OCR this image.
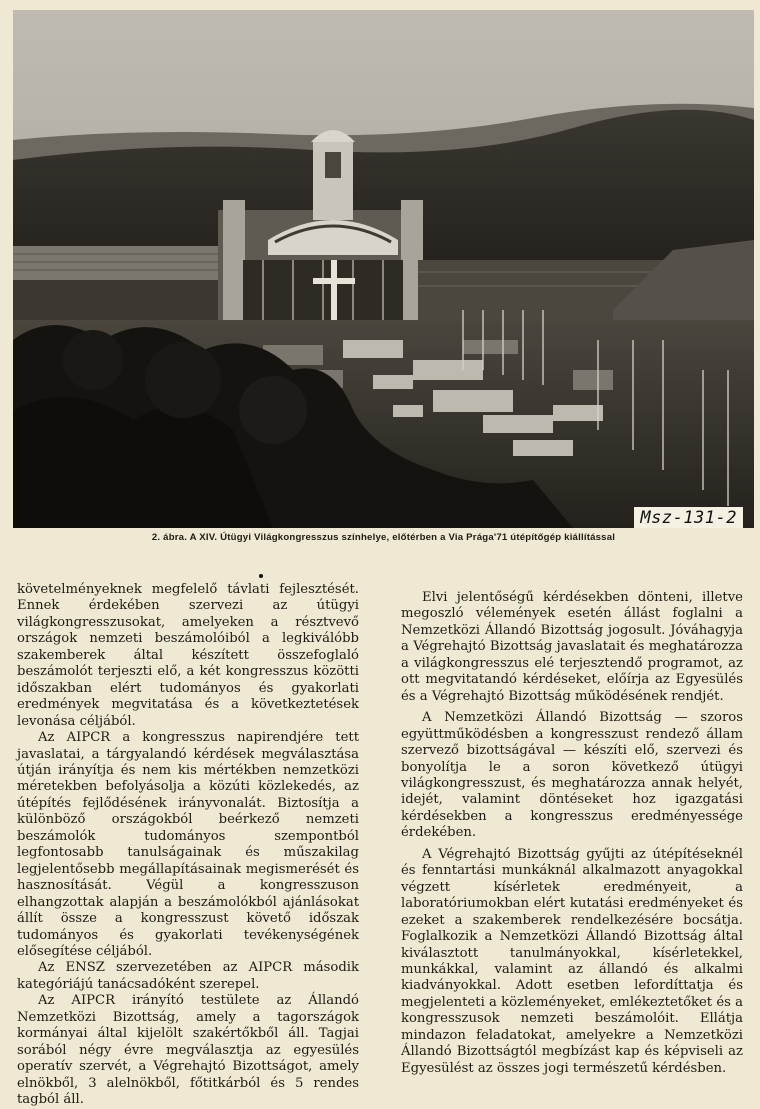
Msz-131-2
2. ábra. A XIV. Útügyi Világkongresszus színhelye, előtérben a Via Prága'71 útépítőgép kiállítással

követelményeknek megfelelő távlati fejlesztését. Ennek érdekében szervezi az útügyi világkongresszusokat, amelyeken a résztvevő országok nemzeti beszámolóiból a legkiválóbb szakemberek által készített összefoglaló beszámolót terjeszti elő, a két kongresszus közötti időszakban elért tudományos és gyakorlati eredmények megvitatása és a következtetések levonása céljából.

Az AIPCR a kongresszus napirendjére tett javaslatai, a tárgyalandó kérdések megválasztása útján irányítja és nem kis mértékben nemzetközi méretekben befolyásolja a közúti közlekedés, az útépítés fejlődésének irányvonalát. Biztosítja a különböző országokból beérkező nemzeti beszámolók tudományos szempontból legfontosabb tanulságainak és műszakilag legjelentősebb megállapításainak megismerését és hasznosítását. Végül a kongresszuson elhangzottak alapján a beszámolókból ajánlásokat állít össze a kongresszust követő időszak tudományos és gyakorlati tevékenységének elősegítése céljából.

Az ENSZ szervezetében az AIPCR második kategóriájú tanácsadóként szerepel.

Az AIPCR irányító testülete az Állandó Nemzetközi Bizottság, amely a tagországok kormányai által kijelölt szakértőkből áll. Tagjai sorából négy évre megválasztja az egyesülés operatív szervét, a Végrehajtó Bizottságot, amely elnökből, 3 alelnökből, főtitkárból és 5 rendes tagból áll.

Elvi jelentőségű kérdésekben dönteni, illetve megoszló vélemények esetén állást foglalni a Nemzetközi Állandó Bizottság jogosult. Jóváhagyja a Végrehajtó Bizottság javaslatait és meghatározza a világkongresszus elé terjesztendő programot, az ott megvitatandó kérdéseket, előírja az Egyesülés és a Végrehajtó Bizottság működésének rendjét.

A Nemzetközi Állandó Bizottság — szoros együttműködésben a kongresszust rendező állam szervező bizottságával — készíti elő, szervezi és bonyolítja le a soron következő útügyi világkongresszust, és meghatározza annak helyét, idejét, valamint döntéseket hoz igazgatási kérdésekben a kongresszus eredményessége érdekében.

A Végrehajtó Bizottság gyűjti az útépítéseknél és fenntartási munkáknál alkalmazott anyagokkal végzett kísérletek eredményeit, a laboratóriumokban elért kutatási eredményeket és ezeket a szakemberek rendelkezésére bocsátja. Foglalkozik a Nemzetközi Állandó Bizottság által kiválasztott tanulmányokkal, kísérletekkel, munkákkal, valamint az állandó és alkalmi kiadványokkal. Adott esetben lefordíttatja és megjelenteti a közleményeket, emlékeztetőket és a kongresszusok nemzeti beszámolóit. Ellátja mindazon feladatokat, amelyekre a Nemzetközi Állandó Bizottságtól megbízást kap és képviseli az Egyesülést az összes jogi természetű kérdésben.
